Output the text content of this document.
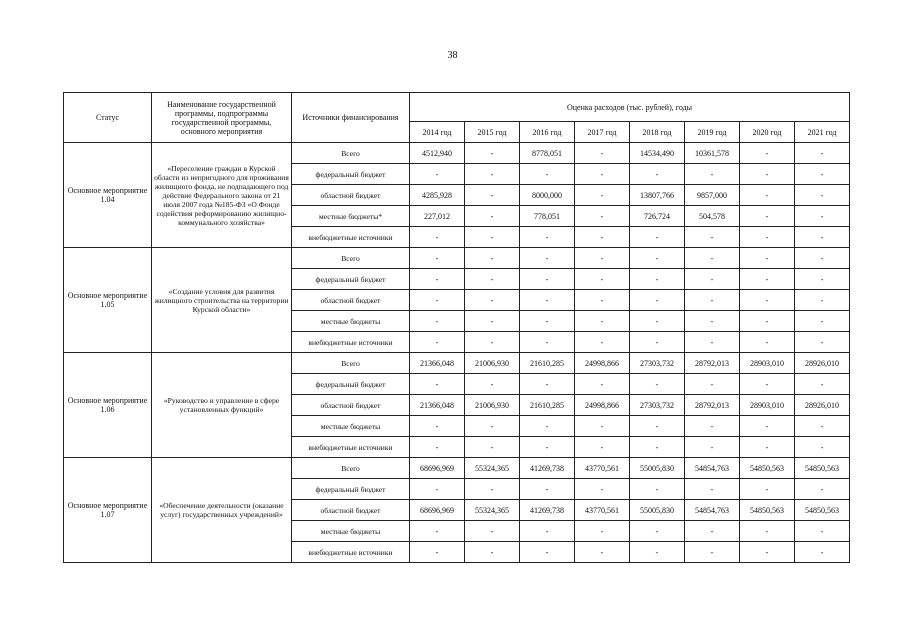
38
Статус	Наименование государственной программы, подпрограммы государственной программы, основного мероприятия	Источники финансирования	Оценка расходов (тыс. рублей), годы							
			2014 год	2015 год	2016 год	2017 год	2018 год	2019 год	2020 год	2021 год
Основное мероприятие 1.04	«Переселение граждан в Курской области из непригодного для проживания жилищного фонда, не подпадающего под действие Федерального закона от 21 июля 2007 года №185-ФЗ «О Фонде содействия реформированию жилищно-коммунального хозяйства»	Всего	4512,940	-	8778,051	-	14534,490	10361,578	-	-
		федеральный бюджет	-	-	-	-	-	-	-	-
		областной бюджет	4285,928	-	8000,000	-	13807,766	9857,000	-	-
		местные бюджеты*	227,012	-	778,051	-	726,724	504,578	-	-
		внебюджетные источники	-	-	-	-	-	-	-	-
Основное мероприятие 1.05	«Создание условия для развития жилищного строительства на территории Курской области»	Всего	-	-	-	-	-	-	-	-
		федеральный бюджет	-	-	-	-	-	-	-	-
		областной бюджет	-	-	-	-	-	-	-	-
		местные бюджеты	-	-	-	-	-	-	-	-
		внебюджетные источники	-	-	-	-	-	-	-	-
Основное мероприятие 1.06	«Руководство и управление в сфере установленных функций»	Всего	21366,048	21006,930	21610,285	24998,866	27303,732	28792,013	28903,010	28926,010
		федеральный бюджет	-	-	-	-	-	-	-	-
		областной бюджет	21366,048	21006,930	21610,285	24998,866	27303,732	28792,013	28903,010	28926,010
		местные бюджеты	-	-	-	-	-	-	-	-
		внебюджетные источники	-	-	-	-	-	-	-	-
Основное мероприятие 1.07	«Обеспечение деятельности (оказание услуг) государственных учреждений»	Всего	68696,969	55324,365	41269,738	43770,561	55005,830	54854,763	54850,563	54850,563
		федеральный бюджет	-	-	-	-	-	-	-	-
		областной бюджет	68696,969	55324,365	41269,738	43770,561	55005,830	54854,763	54850,563	54850,563
		местные бюджеты	-	-	-	-	-	-	-	-
		внебюджетные источники	-	-	-	-	-	-	-	-
